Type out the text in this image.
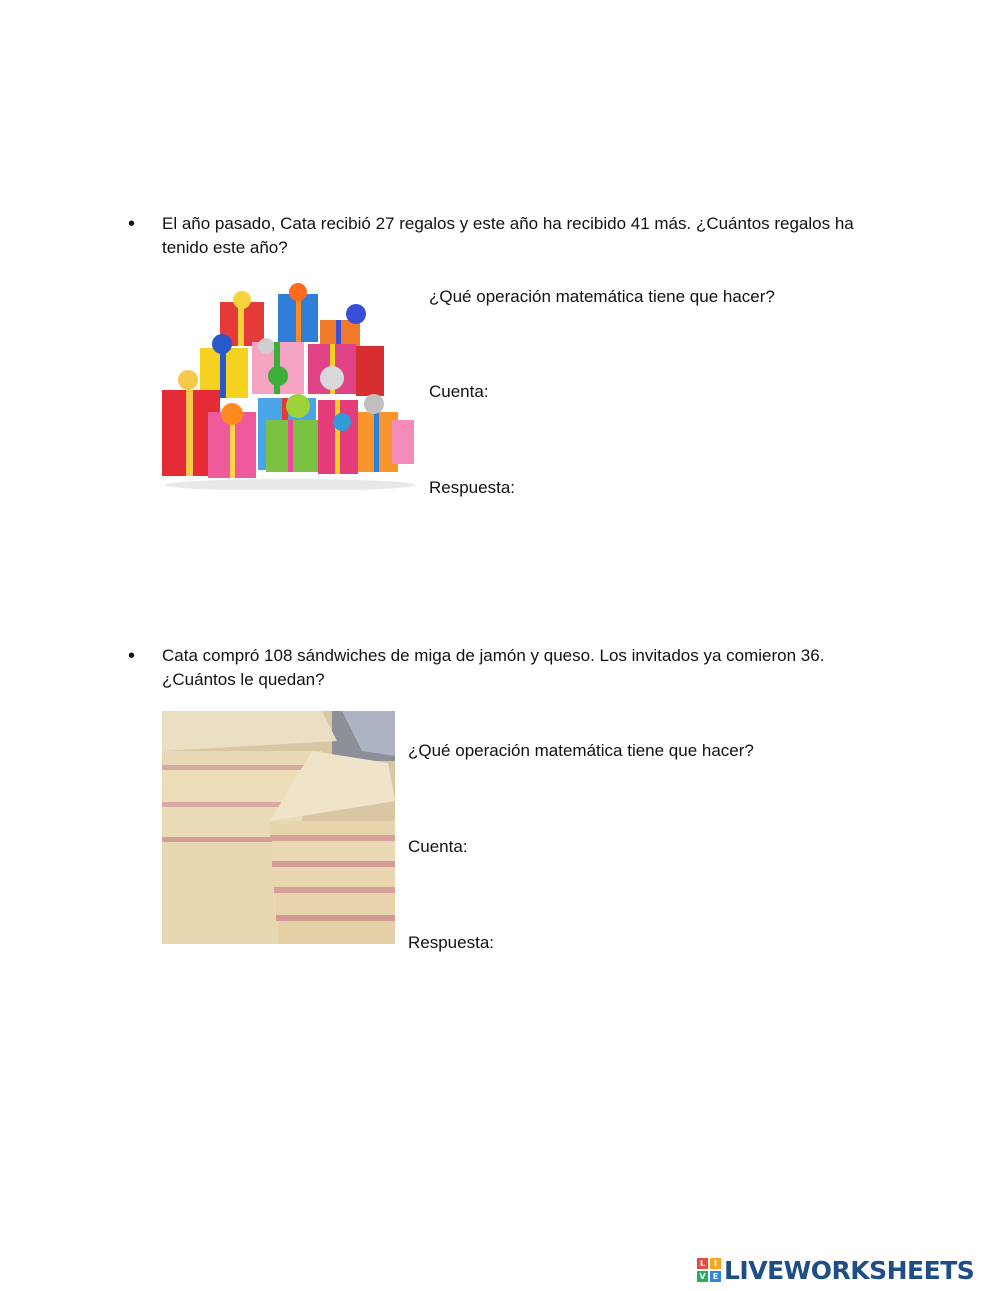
• El año pasado, Cata recibió 27 regalos y este año ha recibido 41 más. ¿Cuántos regalos ha tenido este año?

¿Qué operación matemática tiene que hacer?
Cuenta:
Respuesta:
• Cata compró 108 sándwiches de miga de jamón y queso. Los invitados ya comieron 36. ¿Cuántos le quedan?

¿Qué operación matemática tiene que hacer?
Cuenta:
Respuesta:
L	I
V E LIVEWORKSHEETS
